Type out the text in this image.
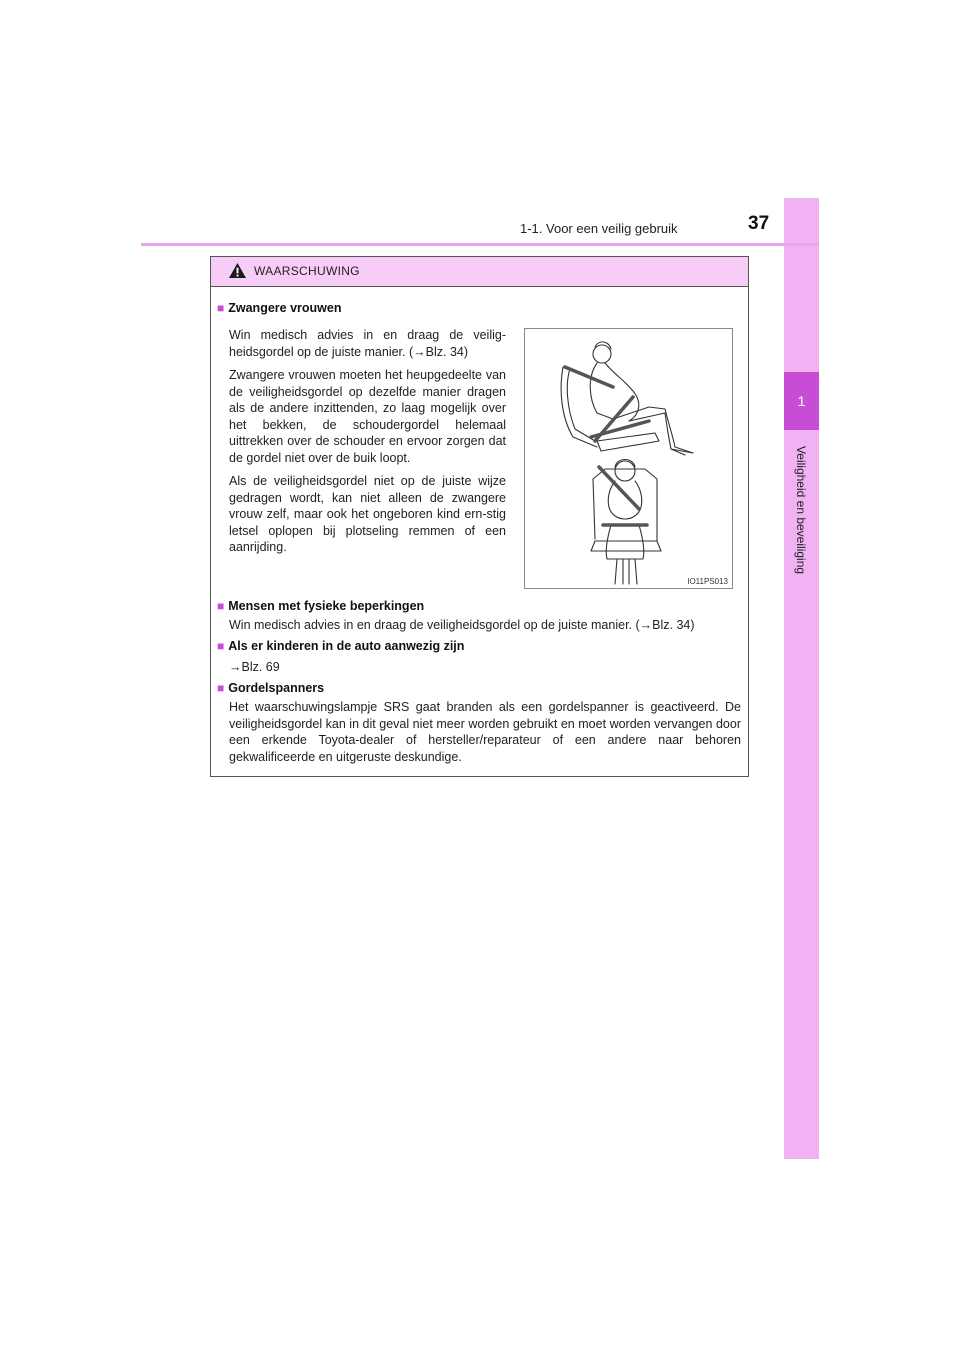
1
Veiligheid en beveiliging
1-1. Voor een veilig gebruik	37
WAARSCHUWING
■ Zwangere vrouwen

Win medisch advies in en draag de veilig-heidsgordel op de juiste manier. (→Blz. 34)

Zwangere vrouwen moeten het heupgedeelte van de veiligheidsgordel op dezelfde manier dragen als de andere inzittenden, zo laag mogelijk over het bekken, de schoudergordel helemaal uittrekken over de schouder en ervoor zorgen dat de gordel niet over de buik loopt.

Als de veiligheidsgordel niet op de juiste wijze gedragen wordt, kan niet alleen de zwangere vrouw zelf, maar ook het ongeboren kind ern-stig letsel oplopen bij plotseling remmen of een aanrijding.

IO11PS013
■ Mensen met fysieke beperkingen

Win medisch advies in en draag de veiligheidsgordel op de juiste manier. (→Blz. 34)

■ Als er kinderen in de auto aanwezig zijn

→Blz. 69

■ Gordelspanners

Het waarschuwingslampje SRS gaat branden als een gordelspanner is geactiveerd. De veiligheidsgordel kan in dit geval niet meer worden gebruikt en moet worden vervangen door een erkende Toyota-dealer of hersteller/reparateur of een andere naar behoren gekwalificeerde en uitgeruste deskundige.
